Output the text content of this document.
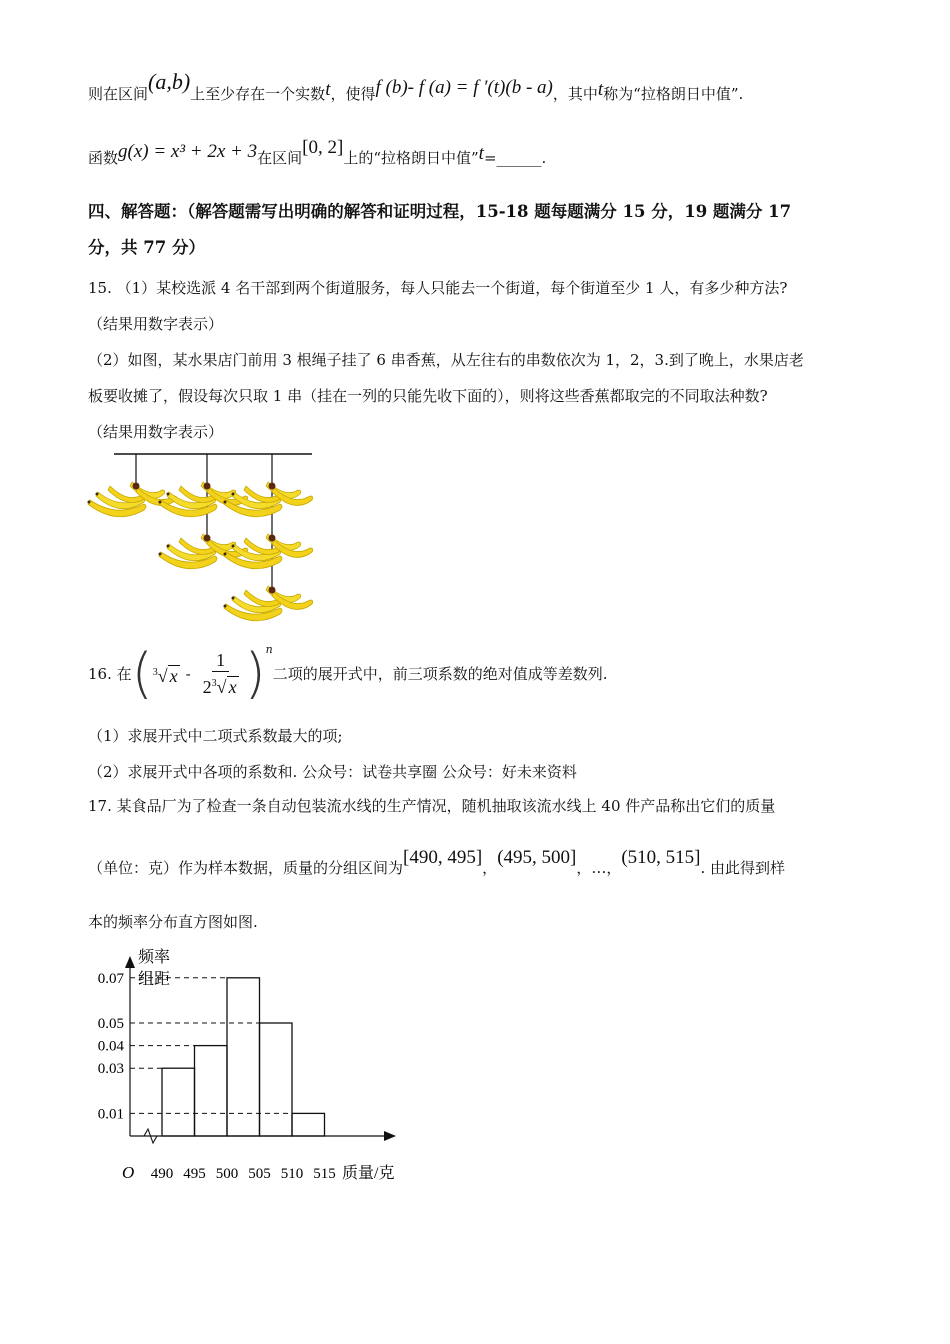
则在区间(a,b)上至少存在一个实数t，使得f (b)- f (a) = f ′(t)(b - a)，其中t称为“拉格朗日中值”.
函数g(x) = x³ + 2x + 3在区间[0, 2]上的“拉格朗日中值”t=______.
四、解答题：（解答题需写出明确的解答和证明过程，15-18 题每题满分 15 分，19 题满分 17
分，共 77 分）
15. （1）某校选派 4 名干部到两个街道服务，每人只能去一个街道，每个街道至少 1 人，有多少种方法?
（结果用数字表示）
（2）如图，某水果店门前用 3 根绳子挂了 6 串香蕉，从左往右的串数依次为 1，2，3.到了晚上，水果店老
板要收摊了，假设每次只取 1 串（挂在一列的只能先收下面的），则将这些香蕉都取完的不同取法种数?
（结果用数字表示）
16. 在 ( $^3$√ x - $\frac{1}{2^3√ x}$ ) n
二项的展开式中，前三项系数的绝对值成等差数列.
（1）求展开式中二项式系数最大的项;
（2）求展开式中各项的系数和. 公众号：试卷共享圈 公众号：好未来资料
17. 某食品厂为了检查一条自动包装流水线的生产情况，随机抽取该流水线上 40 件产品称出它们的质量
（单位：克）作为样本数据，质量的分组区间为[490, 495]，(495, 500]，…，(510, 515]. 由此得到样
本的频率分布直方图如图.
频率
组距
O
0.07
0.05
0.04
0.03
0.01
490 495 500 505 510 515 质量/克
